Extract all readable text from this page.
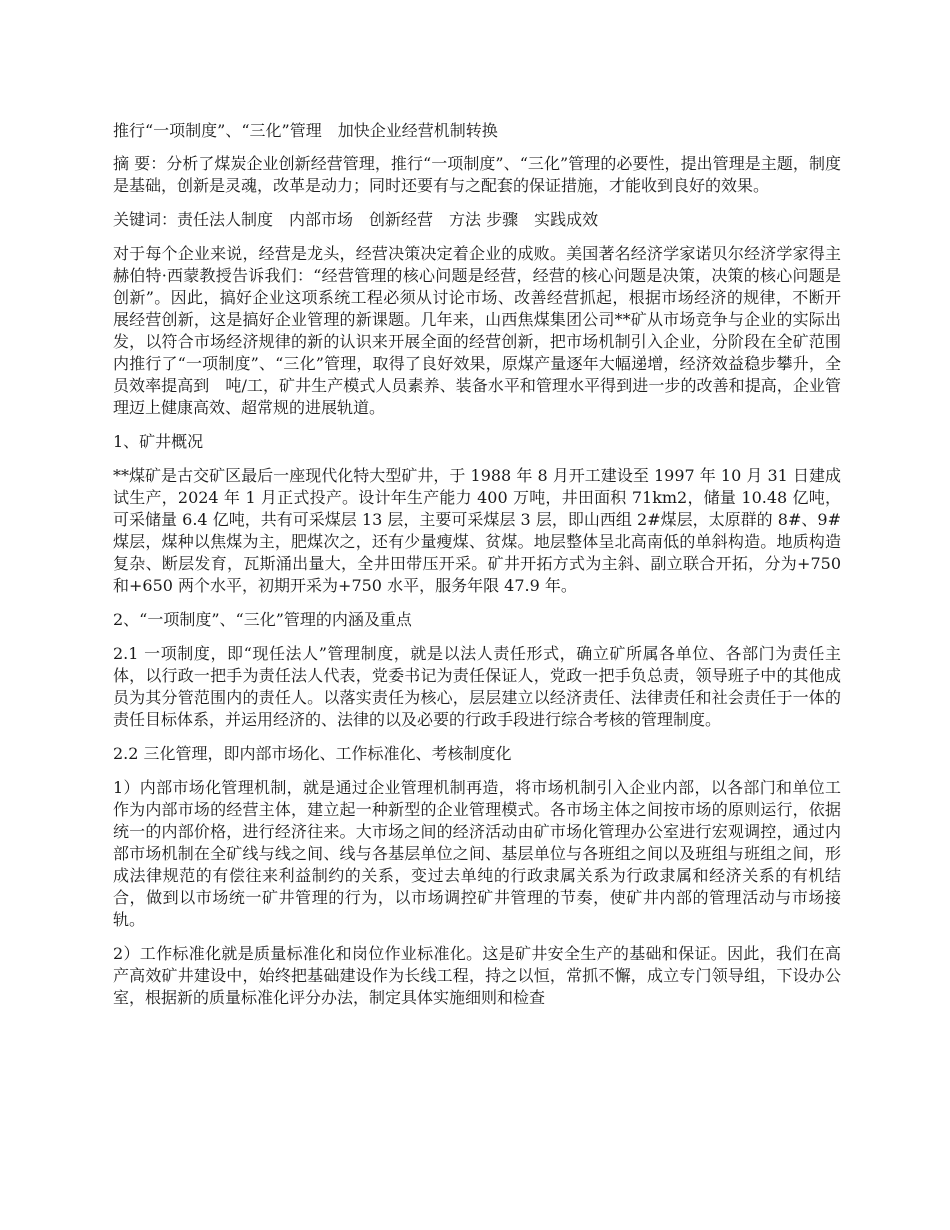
推行“一项制度”、“三化”管理　加快企业经营机制转换

摘 要：分析了煤炭企业创新经营管理，推行“一项制度”、“三化”管理的必要性，提出管理是主题，制度是基础，创新是灵魂，改革是动力；同时还要有与之配套的保证措施，才能收到良好的效果。

关键词：责任法人制度　内部市场　创新经营　方法 步骤　实践成效

对于每个企业来说，经营是龙头，经营决策决定着企业的成败。美国著名经济学家诺贝尔经济学家得主赫伯特·西蒙教授告诉我们：“经营管理的核心问题是经营，经营的核心问题是决策，决策的核心问题是创新”。因此，搞好企业这项系统工程必须从讨论市场、改善经营抓起，根据市场经济的规律，不断开展经营创新，这是搞好企业管理的新课题。几年来，山西焦煤集团公司**矿从市场竞争与企业的实际出发，以符合市场经济规律的新的认识来开展全面的经营创新，把市场机制引入企业，分阶段在全矿范围内推行了“一项制度”、“三化”管理，取得了良好效果，原煤产量逐年大幅递增，经济效益稳步攀升，全员效率提高到　吨/工，矿井生产模式人员素养、装备水平和管理水平得到进一步的改善和提高，企业管理迈上健康高效、超常规的进展轨道。

1、矿井概况

**煤矿是古交矿区最后一座现代化特大型矿井，于 1988 年 8 月开工建设至 1997 年 10 月 31 日建成试生产，2024 年 1 月正式投产。设计年生产能力 400 万吨，井田面积 71km2，储量 10.48 亿吨，可采储量 6.4 亿吨，共有可采煤层 13 层，主要可采煤层 3 层，即山西组 2#煤层，太原群的 8#、9#煤层，煤种以焦煤为主，肥煤次之，还有少量瘦煤、贫煤。地层整体呈北高南低的单斜构造。地质构造复杂、断层发育，瓦斯涌出量大，全井田带压开采。矿井开拓方式为主斜、副立联合开拓，分为+750 和+650 两个水平，初期开采为+750 水平，服务年限 47.9 年。

2、“一项制度”、“三化”管理的内涵及重点

2.1 一项制度，即“现任法人”管理制度，就是以法人责任形式，确立矿所属各单位、各部门为责任主体，以行政一把手为责任法人代表，党委书记为责任保证人，党政一把手负总责，领导班子中的其他成员为其分管范围内的责任人。以落实责任为核心，层层建立以经济责任、法律责任和社会责任于一体的责任目标体系，并运用经济的、法律的以及必要的行政手段进行综合考核的管理制度。

2.2 三化管理，即内部市场化、工作标准化、考核制度化

1）内部市场化管理机制，就是通过企业管理机制再造，将市场机制引入企业内部，以各部门和单位工作为内部市场的经营主体，建立起一种新型的企业管理模式。各市场主体之间按市场的原则运行，依据统一的内部价格，进行经济往来。大市场之间的经济活动由矿市场化管理办公室进行宏观调控，通过内部市场机制在全矿线与线之间、线与各基层单位之间、基层单位与各班组之间以及班组与班组之间，形成法律规范的有偿往来利益制约的关系，变过去单纯的行政隶属关系为行政隶属和经济关系的有机结合，做到以市场统一矿井管理的行为，以市场调控矿井管理的节奏，使矿井内部的管理活动与市场接轨。

2）工作标准化就是质量标准化和岗位作业标准化。这是矿井安全生产的基础和保证。因此，我们在高产高效矿井建设中，始终把基础建设作为长线工程，持之以恒，常抓不懈，成立专门领导组，下设办公室，根据新的质量标准化评分办法，制定具体实施细则和检查
